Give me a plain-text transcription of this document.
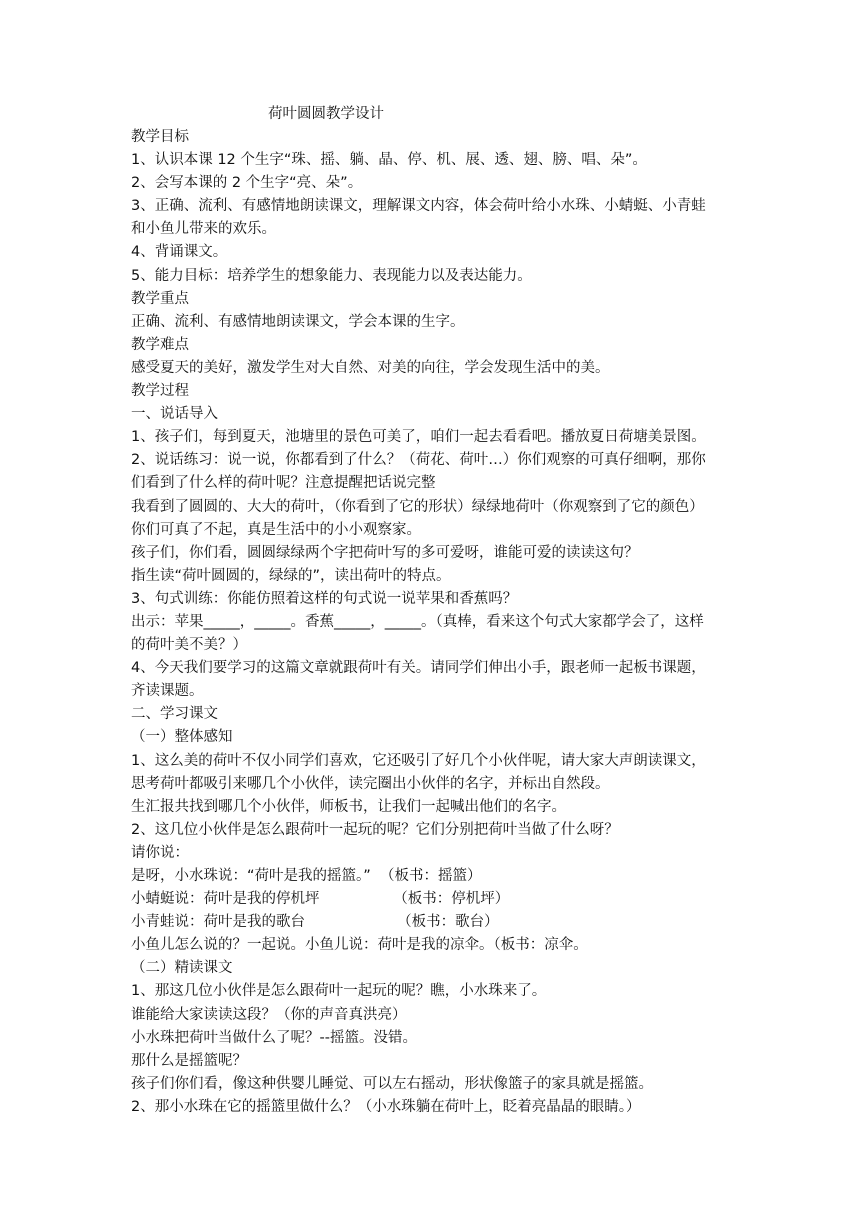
荷叶圆圆教学设计
教学目标
1、认识本课 12 个生字“珠、摇、躺、晶、停、机、展、透、翅、膀、唱、朵”。
2、会写本课的 2 个生字“亮、朵”。
3、正确、流利、有感情地朗读课文，理解课文内容，体会荷叶给小水珠、小蜻蜓、小青蛙
和小鱼儿带来的欢乐。
4、背诵课文。
5、能力目标：培养学生的想象能力、表现能力以及表达能力。
教学重点
正确、流利、有感情地朗读课文，学会本课的生字。
教学难点
感受夏天的美好，激发学生对大自然、对美的向往，学会发现生活中的美。
教学过程
一、说话导入
1、孩子们，每到夏天，池塘里的景色可美了，咱们一起去看看吧。播放夏日荷塘美景图。
2、说话练习：说一说，你都看到了什么？（荷花、荷叶…）你们观察的可真仔细啊，那你
们看到了什么样的荷叶呢？注意提醒把话说完整
我看到了圆圆的、大大的荷叶，（你看到了它的形状）绿绿地荷叶（你观察到了它的颜色）
你们可真了不起，真是生活中的小小观察家。
孩子们，你们看，圆圆绿绿两个字把荷叶写的多可爱呀，谁能可爱的读读这句？
指生读“荷叶圆圆的，绿绿的”，读出荷叶的特点。
3、句式训练：你能仿照着这样的句式说一说苹果和香蕉吗？
出示：苹果_____，_____。香蕉_____，_____。（真棒，看来这个句式大家都学会了，这样
的荷叶美不美？）
4、今天我们要学习的这篇文章就跟荷叶有关。请同学们伸出小手，跟老师一起板书课题，
齐读课题。
二、学习课文
（一）整体感知
1、这么美的荷叶不仅小同学们喜欢，它还吸引了好几个小伙伴呢，请大家大声朗读课文，
思考荷叶都吸引来哪几个小伙伴，读完圈出小伙伴的名字，并标出自然段。
生汇报共找到哪几个小伙伴，师板书，让我们一起喊出他们的名字。
2、这几位小伙伴是怎么跟荷叶一起玩的呢？它们分别把荷叶当做了什么呀？
请你说：
是呀，小水珠说：“荷叶是我的摇篮。”  （板书：摇篮）
小蜻蜓说：荷叶是我的停机坪                （板书：停机坪）
小青蛙说：荷叶是我的歌台                    （板书：歌台）
小鱼儿怎么说的？一起说。小鱼儿说：荷叶是我的凉伞。（板书：凉伞。
（二）精读课文
1、那这几位小伙伴是怎么跟荷叶一起玩的呢？瞧，小水珠来了。
谁能给大家读读这段？（你的声音真洪亮）
小水珠把荷叶当做什么了呢？--摇篮。没错。
那什么是摇篮呢？
孩子们你们看，像这种供婴儿睡觉、可以左右摇动，形状像篮子的家具就是摇篮。
2、那小水珠在它的摇篮里做什么？（小水珠躺在荷叶上，眨着亮晶晶的眼睛。）
